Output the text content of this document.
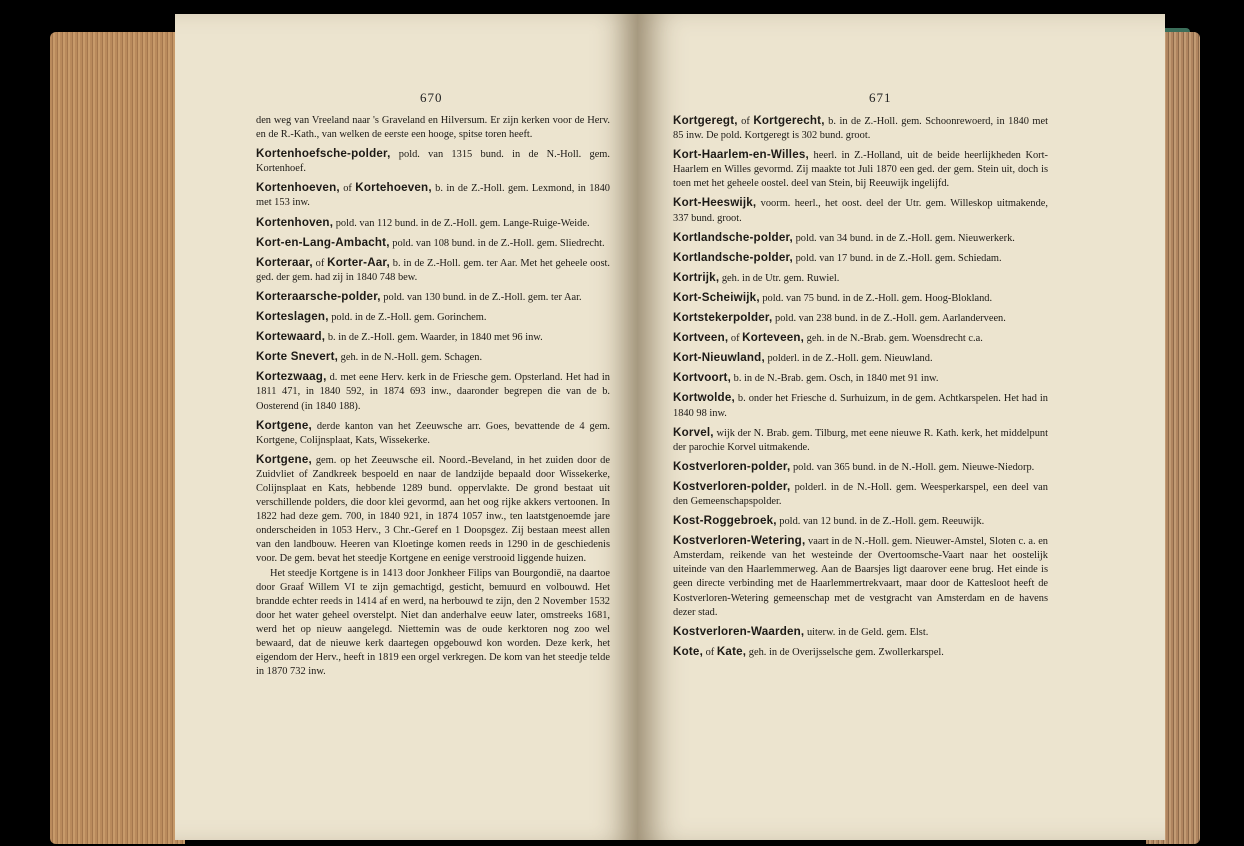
670

den weg van Vreeland naar 's Graveland en Hilversum. Er zijn kerken voor de Herv. en de R.-Kath., van welken de eerste een hooge, spitse toren heeft.

Kortenhoefsche-polder, pold. van 1315 bund. in de N.-Holl. gem. Kortenhoef.

Kortenhoeven, of Kortehoeven, b. in de Z.-Holl. gem. Lexmond, in 1840 met 153 inw.

Kortenhoven, pold. van 112 bund. in de Z.-Holl. gem. Lange-Ruige-Weide.

Kort-en-Lang-Ambacht, pold. van 108 bund. in de Z.-Holl. gem. Sliedrecht.

Korteraar, of Korter-Aar, b. in de Z.-Holl. gem. ter Aar. Met het geheele oost. ged. der gem. had zij in 1840 748 bew.

Korteraarsche-polder, pold. van 130 bund. in de Z.-Holl. gem. ter Aar.

Korteslagen, pold. in de Z.-Holl. gem. Gorinchem.

Kortewaard, b. in de Z.-Holl. gem. Waarder, in 1840 met 96 inw.

Korte Snevert, geh. in de N.-Holl. gem. Schagen.

Kortezwaag, d. met eene Herv. kerk in de Friesche gem. Opsterland. Het had in 1811 471, in 1840 592, in 1874 693 inw., daaronder begrepen die van de b. Oosterend (in 1840 188).

Kortgene, derde kanton van het Zeeuwsche arr. Goes, bevattende de 4 gem. Kortgene, Colijnsplaat, Kats, Wissekerke.

Kortgene, gem. op het Zeeuwsche eil. Noord.-Beveland, in het zuiden door de Zuidvliet of Zandkreek bespoeld en naar de landzijde bepaald door Wissekerke, Colijnsplaat en Kats, hebbende 1289 bund. oppervlakte. De grond bestaat uit verschillende polders, die door klei gevormd, aan het oog rijke akkers vertoonen. In 1822 had deze gem. 700, in 1840 921, in 1874 1057 inw., ten laatstgenoemde jare onderscheiden in 1053 Herv., 3 Chr.-Geref en 1 Doopsgez. Zij bestaan meest allen van den landbouw. Heeren van Kloetinge komen reeds in 1290 in de geschiedenis voor. De gem. bevat het steedje Kortgene en eenige verstrooid liggende huizen.

Het steedje Kortgene is in 1413 door Jonkheer Filips van Bourgondië, na daartoe door Graaf Willem VI te zijn gemachtigd, gesticht, bemuurd en volbouwd. Het brandde echter reeds in 1414 af en werd, na herbouwd te zijn, den 2 November 1532 door het water geheel overstelpt. Niet dan anderhalve eeuw later, omstreeks 1681, werd het op nieuw aangelegd. Niettemin was de oude kerktoren nog zoo wel bewaard, dat de nieuwe kerk daartegen opgebouwd kon worden. Deze kerk, het eigendom der Herv., heeft in 1819 een orgel verkregen. De kom van het steedje telde in 1870 732 inw.

671

Kortgeregt, of Kortgerecht, b. in de Z.-Holl. gem. Schoonrewoerd, in 1840 met 85 inw. De pold. Kortgeregt is 302 bund. groot.

Kort-Haarlem-en-Willes, heerl. in Z.-Holland, uit de beide heerlijkheden Kort-Haarlem en Willes gevormd. Zij maakte tot Juli 1870 een ged. der gem. Stein uit, doch is toen met het geheele oostel. deel van Stein, bij Reeuwijk ingelijfd.

Kort-Heeswijk, voorm. heerl., het oost. deel der Utr. gem. Willeskop uitmakende, 337 bund. groot.

Kortlandsche-polder, pold. van 34 bund. in de Z.-Holl. gem. Nieuwerkerk.

Kortlandsche-polder, pold. van 17 bund. in de Z.-Holl. gem. Schiedam.

Kortrijk, geh. in de Utr. gem. Ruwiel.

Kort-Scheiwijk, pold. van 75 bund. in de Z.-Holl. gem. Hoog-Blokland.

Kortstekerpolder, pold. van 238 bund. in de Z.-Holl. gem. Aarlanderveen.

Kortveen, of Korteveen, geh. in de N.-Brab. gem. Woensdrecht c.a.

Kort-Nieuwland, polderl. in de Z.-Holl. gem. Nieuwland.

Kortvoort, b. in de N.-Brab. gem. Osch, in 1840 met 91 inw.

Kortwolde, b. onder het Friesche d. Surhuizum, in de gem. Achtkarspelen. Het had in 1840 98 inw.

Korvel, wijk der N. Brab. gem. Tilburg, met eene nieuwe R. Kath. kerk, het middelpunt der parochie Korvel uitmakende.

Kostverloren-polder, pold. van 365 bund. in de N.-Holl. gem. Nieuwe-Niedorp.

Kostverloren-polder, polderl. in de N.-Holl. gem. Weesperkarspel, een deel van den Gemeenschapspolder.

Kost-Roggebroek, pold. van 12 bund. in de Z.-Holl. gem. Reeuwijk.

Kostverloren-Wetering, vaart in de N.-Holl. gem. Nieuwer-Amstel, Sloten c. a. en Amsterdam, reikende van het westeinde der Overtoomsche-Vaart naar het oostelijk uiteinde van den Haarlemmerweg. Aan de Baarsjes ligt daarover eene brug. Het einde is geen directe verbinding met de Haarlemmertrekvaart, maar door de Kattesloot heeft de Kostverloren-Wetering gemeenschap met de vestgracht van Amsterdam en de havens dezer stad.

Kostverloren-Waarden, uiterw. in de Geld. gem. Elst.

Kote, of Kate, geh. in de Overijsselsche gem. Zwollerkarspel.
